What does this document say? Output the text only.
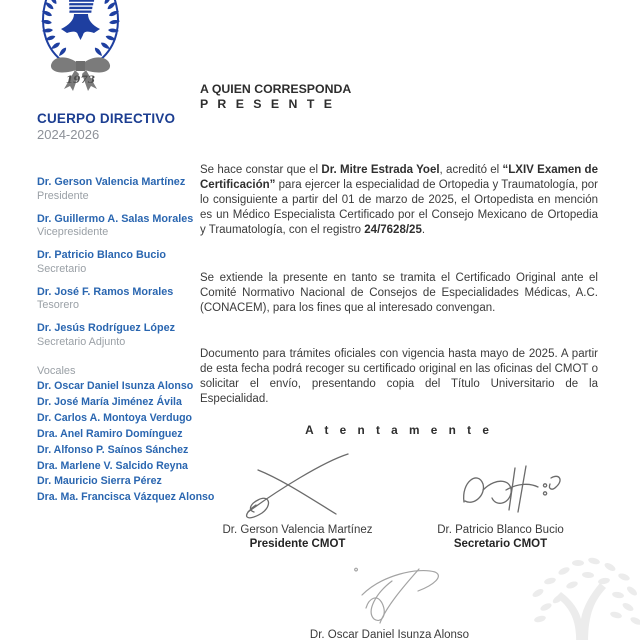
1973
CUERPO DIRECTIVO
2024-2026
Dr. Gerson Valencia Martínez
Presidente
Dr. Guillermo A. Salas Morales
Vicepresidente
Dr. Patricio Blanco Bucio
Secretario
Dr. José F. Ramos Morales
Tesorero
Dr. Jesús Rodríguez López
Secretario Adjunto
Vocales
Dr. Oscar Daniel Isunza Alonso
Dr. José María Jiménez Ávila
Dr. Carlos A. Montoya Verdugo
Dra. Anel Ramiro Domínguez
Dr. Alfonso P. Saínos Sánchez
Dra. Marlene V. Salcido Reyna
Dr. Mauricio Sierra Pérez
Dra. Ma. Francisca Vázquez Alonso
A QUIEN CORRESPONDA
P R E S E N T E

Se hace constar que el Dr. Mitre Estrada Yoel, acreditó el “LXIV Examen de Certificación” para ejercer la especialidad de Ortopedia y Traumatología, por lo consiguiente a partir del 01 de marzo de 2025, el Ortopedista en mención es un Médico Especialista Certificado por el Consejo Mexicano de Ortopedia y Traumatología, con el registro 24/7628/25.

Se extiende la presente en tanto se tramita el Certificado Original ante el Comité Normativo Nacional de Consejos de Especialidades Médicas, A.C. (CONACEM), para los fines que al interesado convengan.

Documento para trámites oficiales con vigencia hasta mayo de 2025. A partir de esta fecha podrá recoger su certificado original en las oficinas del CMOT o solicitar el envío, presentando copia del Título Universitario de la Especialidad.

A t e n t a m e n t e
Dr. Gerson Valencia Martínez
Presidente CMOT
Dr. Patricio Blanco Bucio
Secretario CMOT
Dr. Oscar Daniel Isunza Alonso
